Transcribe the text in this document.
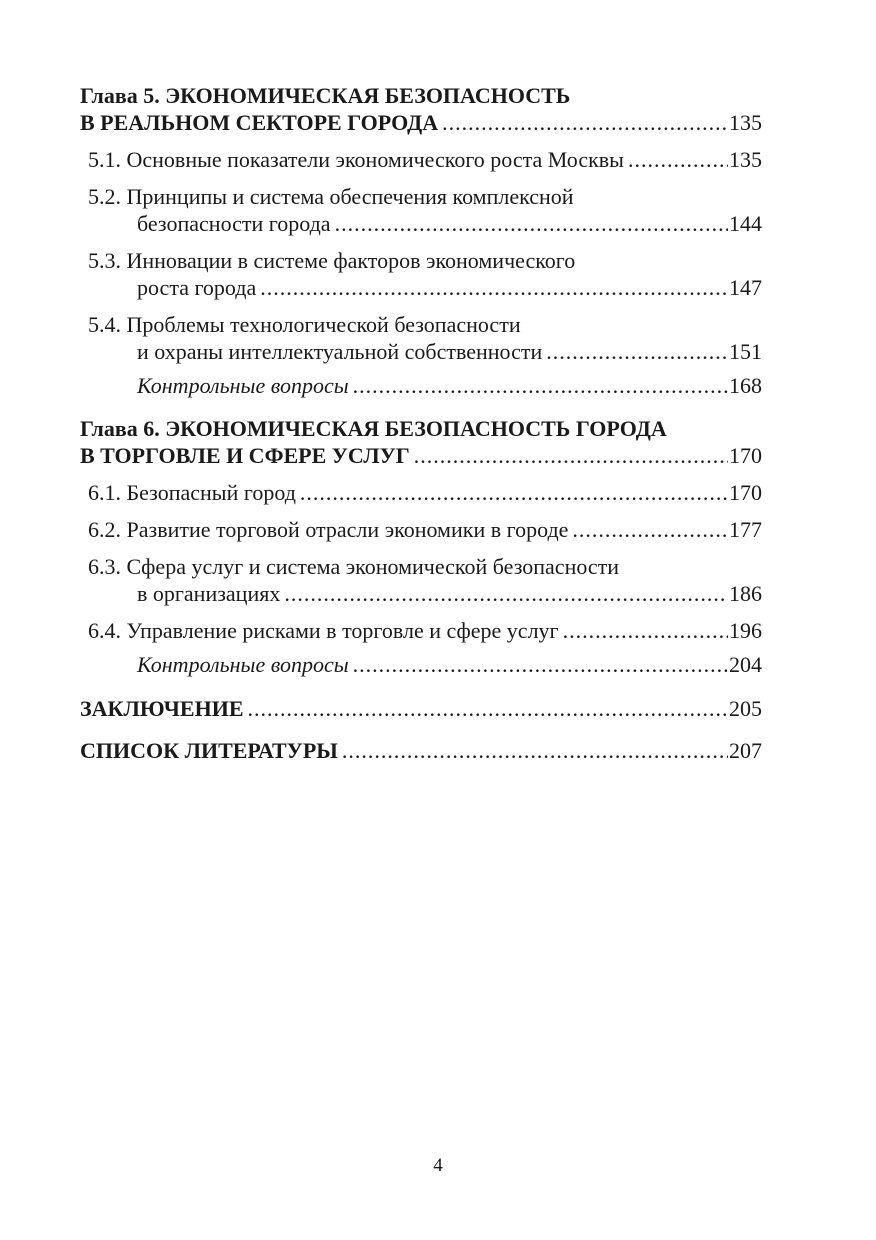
Глава 5. ЭКОНОМИЧЕСКАЯ БЕЗОПАСНОСТЬ
В РЕАЛЬНОМ СЕКТОРЕ ГОРОДА .....	135
5.1. Основные показатели экономического роста Москвы .....	135
5.2. Принципы и система обеспечения комплексной
безопасности города .....	144
5.3. Инновации в системе факторов экономического
роста города .....	147
5.4. Проблемы технологической безопасности
и охраны интеллектуальной собственности .....	151
Контрольные вопросы .....	168
Глава 6. ЭКОНОМИЧЕСКАЯ БЕЗОПАСНОСТЬ ГОРОДА
В ТОРГОВЛЕ И СФЕРЕ УСЛУГ .....	170
6.1. Безопасный город .....	170
6.2. Развитие торговой отрасли экономики в городе .....	177
6.3. Сфера услуг и система экономической безопасности
в организациях .....	186
6.4. Управление рисками в торговле и сфере услуг .....	196
Контрольные вопросы .....	204
ЗАКЛЮЧЕНИЕ .....	205
СПИСОК ЛИТЕРАТУРЫ .....	207
4
